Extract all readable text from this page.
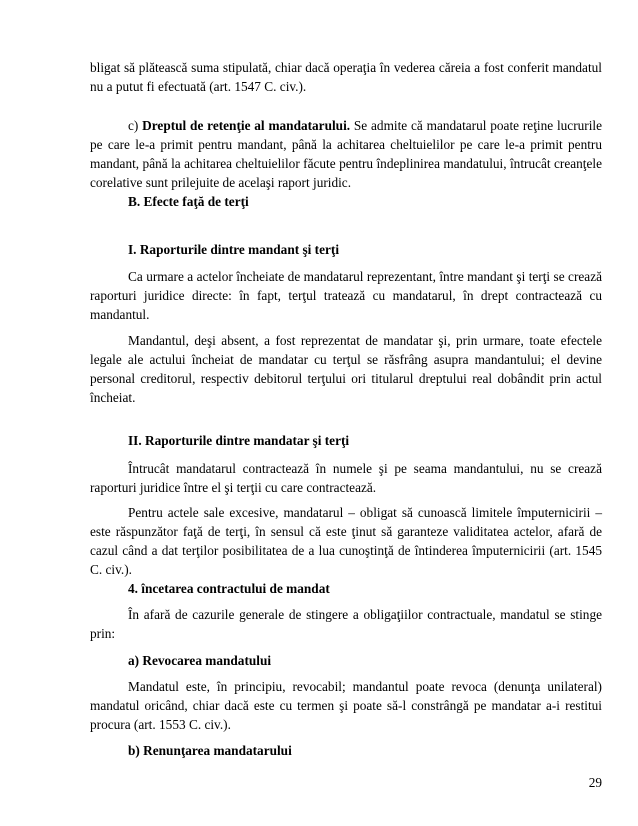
bligat să plătească suma stipulată, chiar dacă operaţia în vederea căreia a fost conferit mandatul nu a putut fi efectuată (art. 1547 C. civ.).

c) Dreptul de retenţie al mandatarului. Se admite că mandatarul poate reţine lucrurile pe care le-a primit pentru mandant, până la achitarea cheltuielilor pe care le-a primit pentru mandant, până la achitarea cheltuielilor făcute pentru îndeplinirea mandatului, întrucât creanţele corelative sunt prilejuite de acelaşi raport juridic.

B. Efecte faţă de terţi

I. Raporturile dintre mandant şi terţi

Ca urmare a actelor încheiate de mandatarul reprezentant, între mandant şi terţi se crează raporturi juridice directe: în fapt, terţul tratează cu mandatarul, în drept contractează cu mandantul.

Mandantul, deşi absent, a fost reprezentat de mandatar şi, prin urmare, toate efectele legale ale actului încheiat de mandatar cu terţul se răsfrâng asupra mandantului; el devine personal creditorul, respectiv debitorul terţului ori titularul dreptului real dobândit prin actul încheiat.

II. Raporturile dintre mandatar şi terţi

Întrucât mandatarul contractează în numele şi pe seama mandantului, nu se crează raporturi juridice între el şi terţii cu care contractează.

Pentru actele sale excesive, mandatarul – obligat să cunoască limitele împuternicirii – este răspunzător faţă de terţi, în sensul că este ţinut să garanteze validitatea actelor, afară de cazul când a dat terţilor posibilitatea de a lua cunoştinţă de întinderea împuternicirii (art. 1545 C. civ.).

4. încetarea contractului de mandat

În afară de cazurile generale de stingere a obligaţiilor contractuale, mandatul se stinge prin:

a) Revocarea mandatului

Mandatul este, în principiu, revocabil; mandantul poate revoca (denunţa unilateral) mandatul oricând, chiar dacă este cu termen şi poate să-l constrângă pe mandatar a-i restitui procura (art. 1553 C. civ.).

b) Renunţarea mandatarului

29
